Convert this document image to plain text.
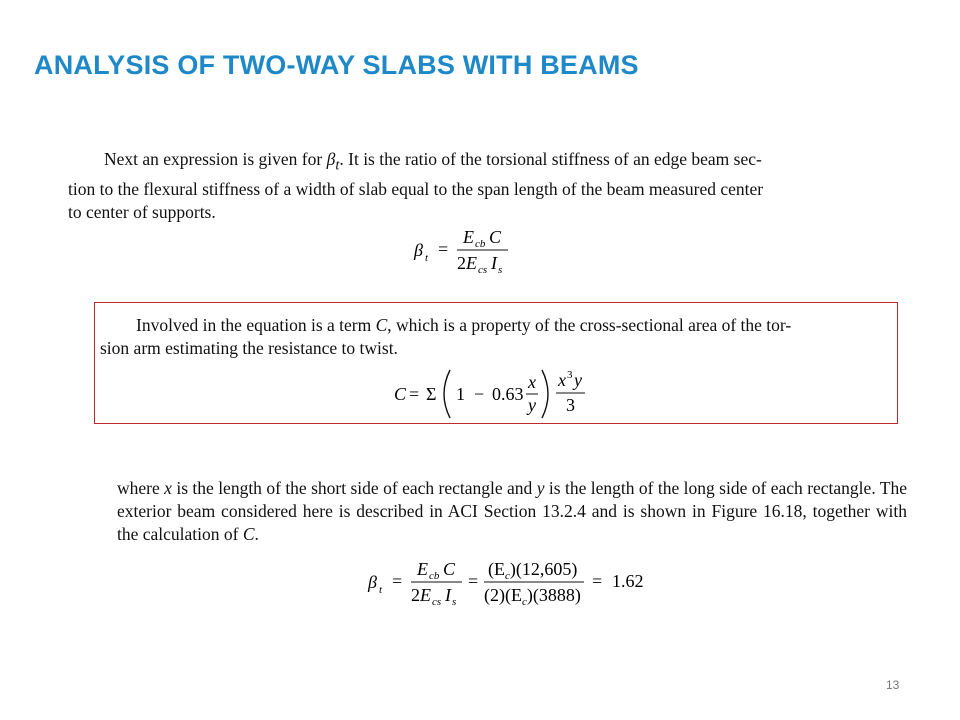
ANALYSIS OF TWO-WAY SLABS WITH BEAMS
Next an expression is given for $\beta_t$. It is the ratio of the torsional stiffness of an edge beam sec-
tion to the flexural stiffness of a width of slab equal to the span length of the beam measured center
to center of supports.
β t =
E cb C
2 E cs I s
Involved in the equation is a term C, which is a property of the cross-sectional area of the tor-
sion arm estimating the resistance to twist.
C = Σ 1 − 0.63
x
y
x 3 y
3
where x is the length of the short side of each rectangle and y is the length of the long side of each rectangle. The exterior beam considered here is described in ACI Section 13.2.4 and is shown in Figure 16.18, together with the calculation of C.
β t =
E cb C
2 E cs I s
=
$(E_c)(12,605)$
$(2)(E_c)(3888)$
= 1.62
13
